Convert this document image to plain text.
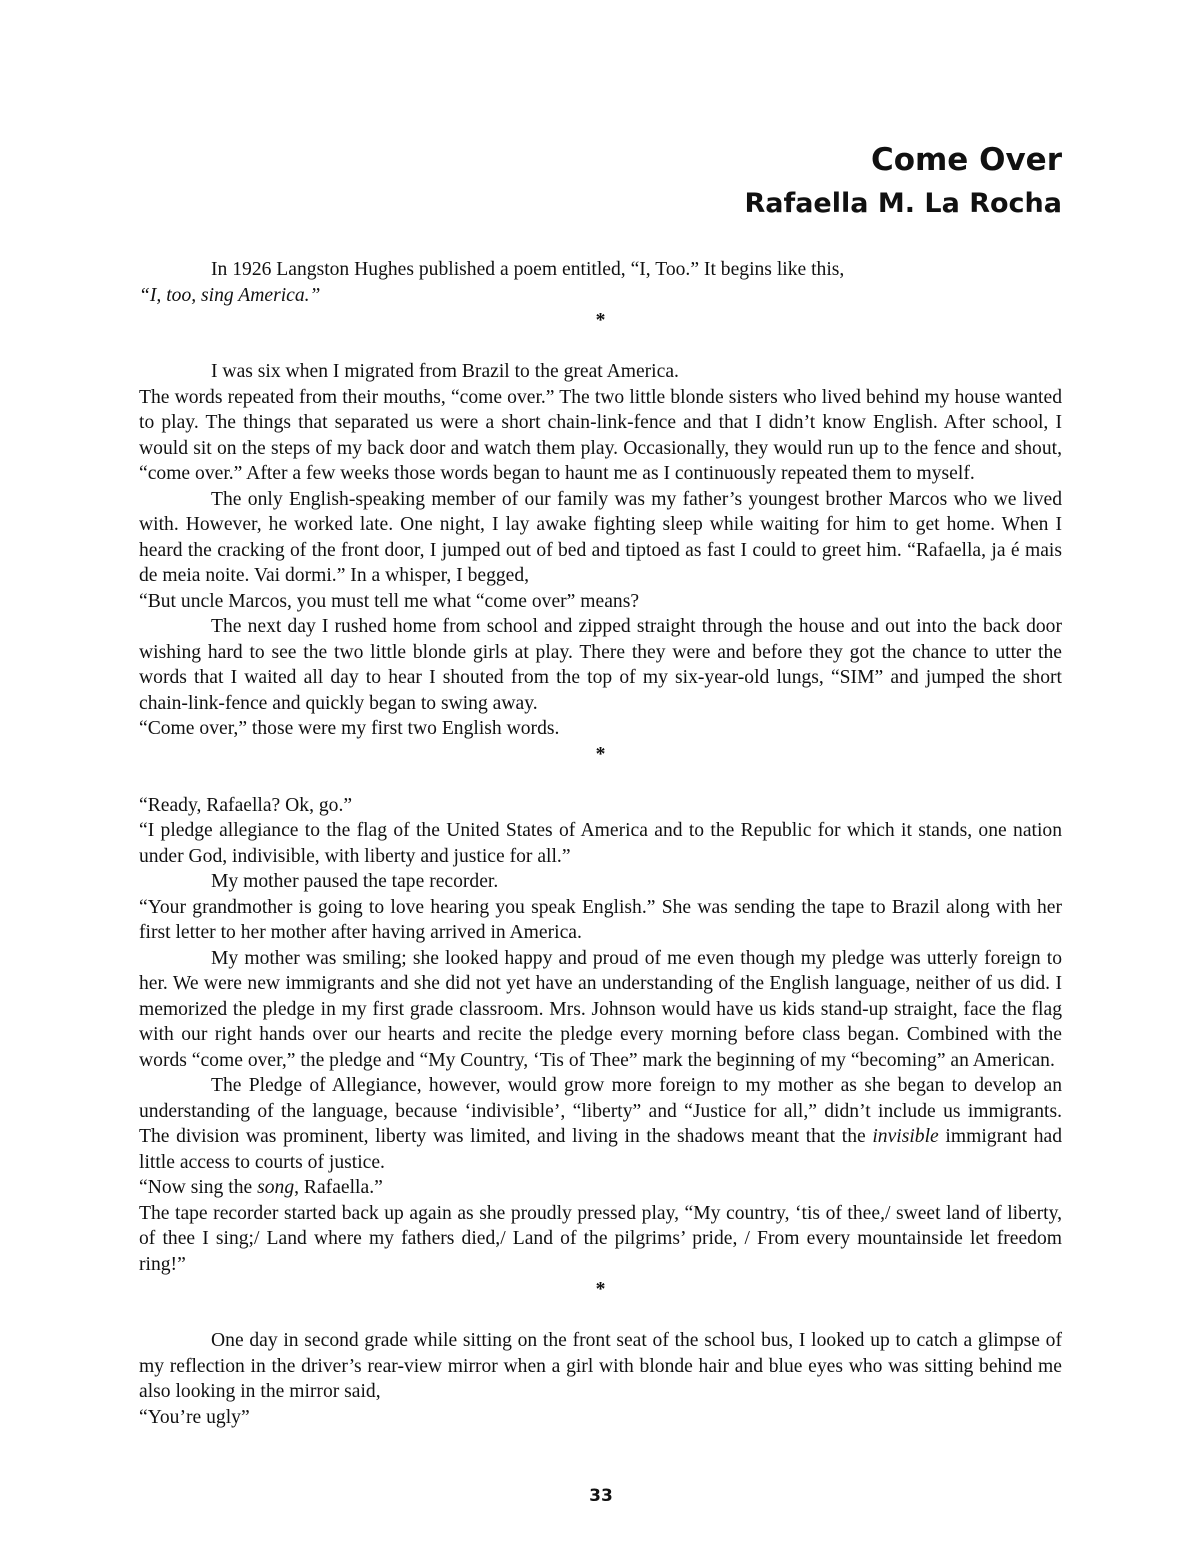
Come Over
Rafaella M. La Rocha

In 1926 Langston Hughes published a poem entitled, “I, Too.” It begins like this,

“I, too, sing America.”

*

I was six when I migrated from Brazil to the great America.

The words repeated from their mouths, “come over.” The two little blonde sisters who lived behind my house wanted to play. The things that separated us were a short chain-link-fence and that I didn’t know English. After school, I would sit on the steps of my back door and watch them play. Occasionally, they would run up to the fence and shout, “come over.” After a few weeks those words began to haunt me as I continuously repeated them to myself.

The only English-speaking member of our family was my father’s youngest brother Marcos who we lived with. However, he worked late. One night, I lay awake fighting sleep while waiting for him to get home. When I heard the cracking of the front door, I jumped out of bed and tiptoed as fast I could to greet him. “Rafaella, ja é mais de meia noite. Vai dormi.” In a whisper, I begged,

“But uncle Marcos, you must tell me what “come over” means?

The next day I rushed home from school and zipped straight through the house and out into the back door wishing hard to see the two little blonde girls at play. There they were and before they got the chance to utter the words that I waited all day to hear I shouted from the top of my six-year-old lungs, “SIM” and jumped the short chain-link-fence and quickly began to swing away.

“Come over,” those were my first two English words.

*

“Ready, Rafaella? Ok, go.”

“I pledge allegiance to the flag of the United States of America and to the Republic for which it stands, one nation under God, indivisible, with liberty and justice for all.”

My mother paused the tape recorder.

“Your grandmother is going to love hearing you speak English.” She was sending the tape to Brazil along with her first letter to her mother after having arrived in America.

My mother was smiling; she looked happy and proud of me even though my pledge was utterly foreign to her. We were new immigrants and she did not yet have an understanding of the English language, neither of us did. I memorized the pledge in my first grade classroom. Mrs. Johnson would have us kids stand-up straight, face the flag with our right hands over our hearts and recite the pledge every morning before class began. Combined with the words “come over,” the pledge and “My Country, ‘Tis of Thee” mark the beginning of my “becoming” an American.

The Pledge of Allegiance, however, would grow more foreign to my mother as she began to develop an understanding of the language, because ‘indivisible’, “liberty” and “Justice for all,” didn’t include us immigrants. The division was prominent, liberty was limited, and living in the shadows meant that the invisible immigrant had little access to courts of justice.

“Now sing the song, Rafaella.”

The tape recorder started back up again as she proudly pressed play, “My country, ‘tis of thee,/ sweet land of liberty, of thee I sing;/ Land where my fathers died,/ Land of the pilgrims’ pride, / From every mountainside let freedom ring!”

*

One day in second grade while sitting on the front seat of the school bus, I looked up to catch a glimpse of my reflection in the driver’s rear-view mirror when a girl with blonde hair and blue eyes who was sitting behind me also looking in the mirror said,

“You’re ugly”

33
